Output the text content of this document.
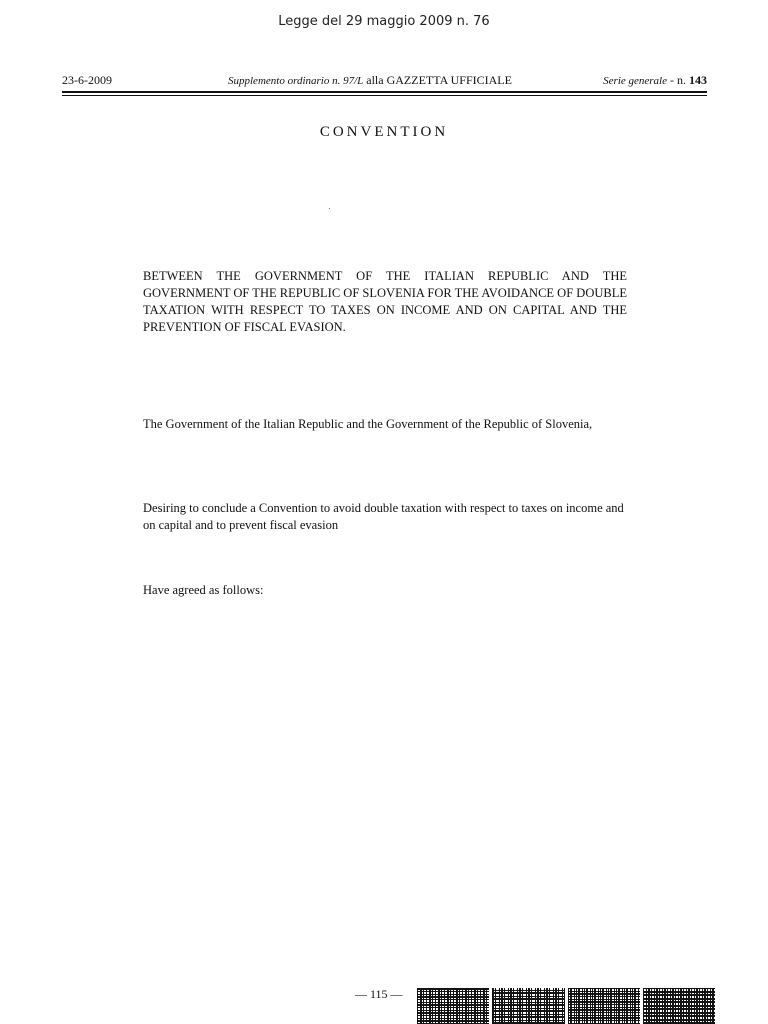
Legge del 29 maggio 2009 n. 76
23-6-2009	Supplemento ordinario n. 97/L alla GAZZETTA UFFICIALE	Serie generale - n. 143
CONVENTION
BETWEEN THE GOVERNMENT OF THE ITALIAN REPUBLIC AND THE GOVERNMENT OF THE REPUBLIC OF SLOVENIA FOR THE AVOIDANCE OF DOUBLE TAXATION WITH RESPECT TO TAXES ON INCOME AND ON CAPITAL AND THE PREVENTION OF FISCAL EVASION.
The Government of the Italian Republic and the Government of the Republic of Slovenia,
Desiring to conclude a Convention to avoid double taxation with respect to taxes on income and on capital and to prevent fiscal evasion
Have agreed as follows:
— 115 —
